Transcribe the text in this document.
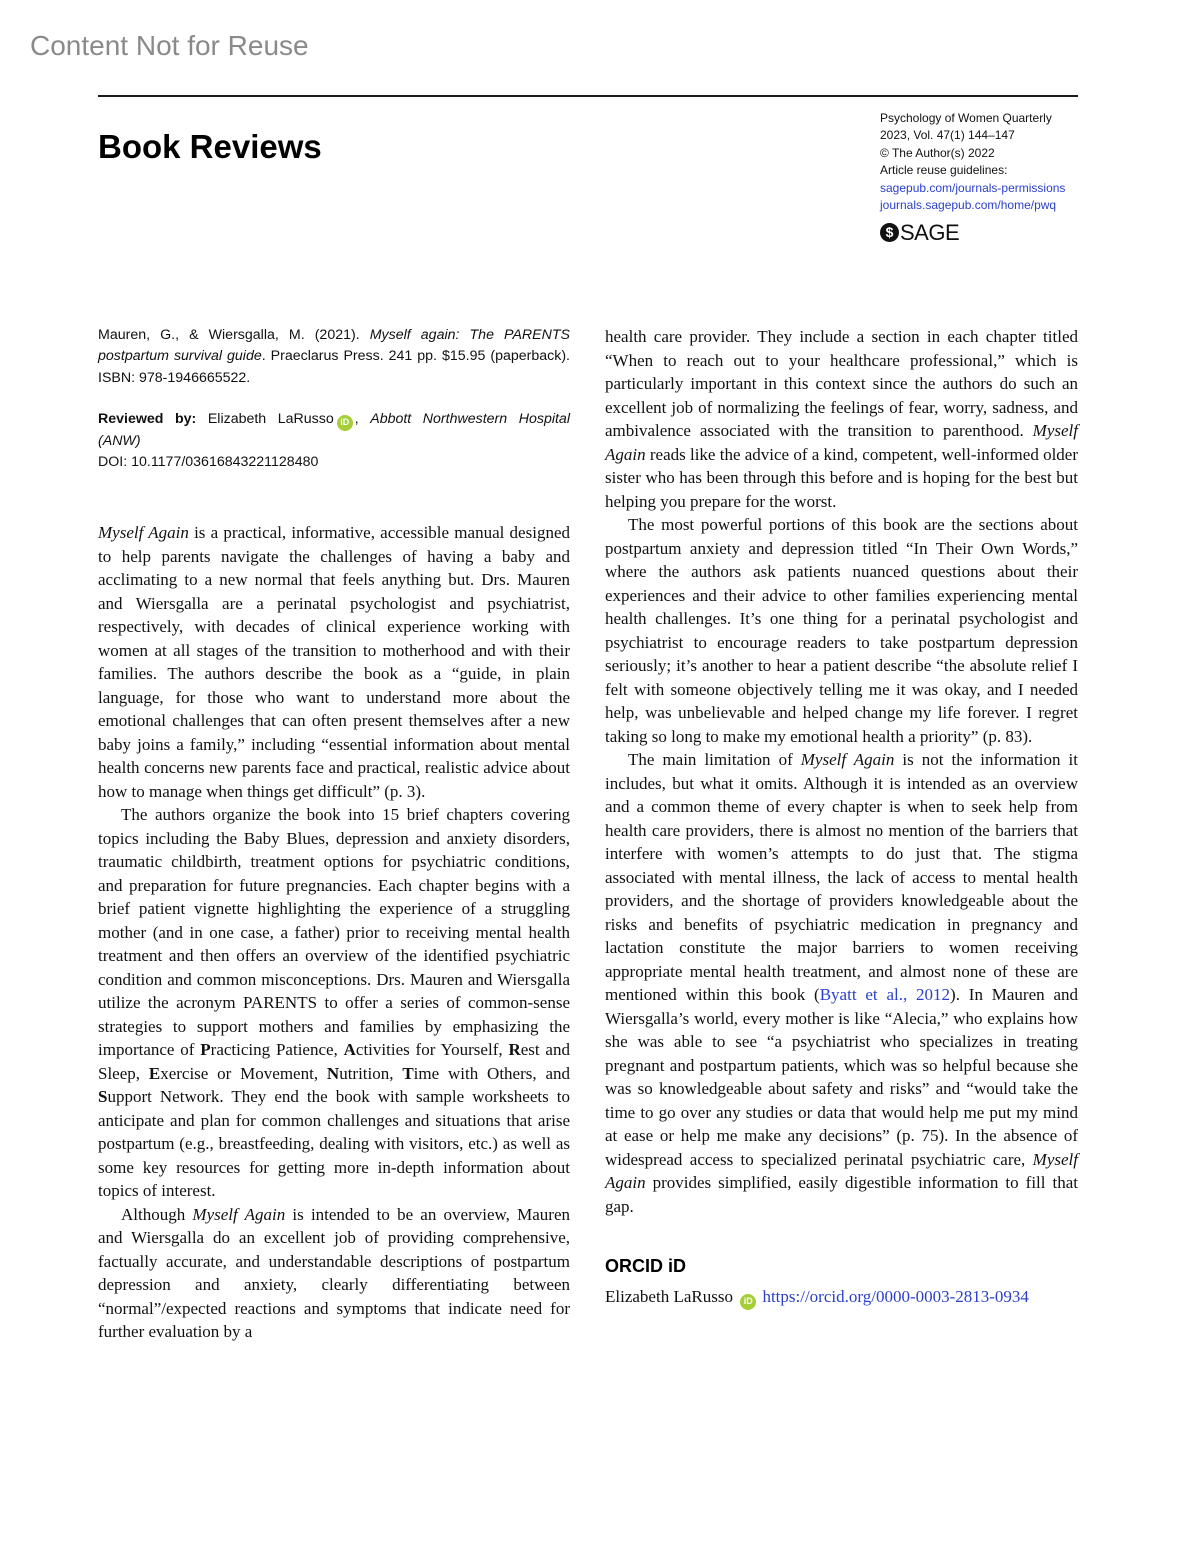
Content Not for Reuse
Book Reviews
Psychology of Women Quarterly
2023, Vol. 47(1) 144–147
© The Author(s) 2022
Article reuse guidelines:
sagepub.com/journals-permissions
journals.sagepub.com/home/pwq
$ SAGE

Mauren, G., & Wiersgalla, M. (2021). Myself again: The PARENTS postpartum survival guide. Praeclarus Press. 241 pp. $15.95 (paperback). ISBN: 978-1946665522.

Reviewed by: Elizabeth LaRusso iD , Abbott Northwestern Hospital (ANW)
DOI: 10.1177/03616843221128480

Myself Again is a practical, informative, accessible manual designed to help parents navigate the challenges of having a baby and acclimating to a new normal that feels anything but. Drs. Mauren and Wiersgalla are a perinatal psychologist and psychiatrist, respectively, with decades of clinical experience working with women at all stages of the transition to motherhood and with their families. The authors describe the book as a “guide, in plain language, for those who want to understand more about the emotional challenges that can often present themselves after a new baby joins a family,” including “essential information about mental health concerns new parents face and practical, realistic advice about how to manage when things get difficult” (p. 3).

The authors organize the book into 15 brief chapters covering topics including the Baby Blues, depression and anxiety disorders, traumatic childbirth, treatment options for psychiatric conditions, and preparation for future pregnancies. Each chapter begins with a brief patient vignette highlighting the experience of a struggling mother (and in one case, a father) prior to receiving mental health treatment and then offers an overview of the identified psychiatric condition and common misconceptions. Drs. Mauren and Wiersgalla utilize the acronym PARENTS to offer a series of common-sense strategies to support mothers and families by emphasizing the importance of Practicing Patience, Activities for Yourself, Rest and Sleep, Exercise or Movement, Nutrition, Time with Others, and Support Network. They end the book with sample worksheets to anticipate and plan for common challenges and situations that arise postpartum (e.g., breastfeeding, dealing with visitors, etc.) as well as some key resources for getting more in-depth information about topics of interest.

Although Myself Again is intended to be an overview, Mauren and Wiersgalla do an excellent job of providing comprehensive, factually accurate, and understandable descriptions of postpartum depression and anxiety, clearly differentiating between “normal”/expected reactions and symptoms that indicate need for further evaluation by a

health care provider. They include a section in each chapter titled “When to reach out to your healthcare professional,” which is particularly important in this context since the authors do such an excellent job of normalizing the feelings of fear, worry, sadness, and ambivalence associated with the transition to parenthood. Myself Again reads like the advice of a kind, competent, well-informed older sister who has been through this before and is hoping for the best but helping you prepare for the worst.

The most powerful portions of this book are the sections about postpartum anxiety and depression titled “In Their Own Words,” where the authors ask patients nuanced questions about their experiences and their advice to other families experiencing mental health challenges. It’s one thing for a perinatal psychologist and psychiatrist to encourage readers to take postpartum depression seriously; it’s another to hear a patient describe “the absolute relief I felt with someone objectively telling me it was okay, and I needed help, was unbelievable and helped change my life forever. I regret taking so long to make my emotional health a priority” (p. 83).

The main limitation of Myself Again is not the information it includes, but what it omits. Although it is intended as an overview and a common theme of every chapter is when to seek help from health care providers, there is almost no mention of the barriers that interfere with women’s attempts to do just that. The stigma associated with mental illness, the lack of access to mental health providers, and the shortage of providers knowledgeable about the risks and benefits of psychiatric medication in pregnancy and lactation constitute the major barriers to women receiving appropriate mental health treatment, and almost none of these are mentioned within this book (Byatt et al., 2012). In Mauren and Wiersgalla’s world, every mother is like “Alecia,” who explains how she was able to see “a psychiatrist who specializes in treating pregnant and postpartum patients, which was so helpful because she was so knowledgeable about safety and risks” and “would take the time to go over any studies or data that would help me put my mind at ease or help me make any decisions” (p. 75). In the absence of widespread access to specialized perinatal psychiatric care, Myself Again provides simplified, easily digestible information to fill that gap.

ORCID iD
Elizabeth LaRusso iD https://orcid.org/0000-0003-2813-0934
